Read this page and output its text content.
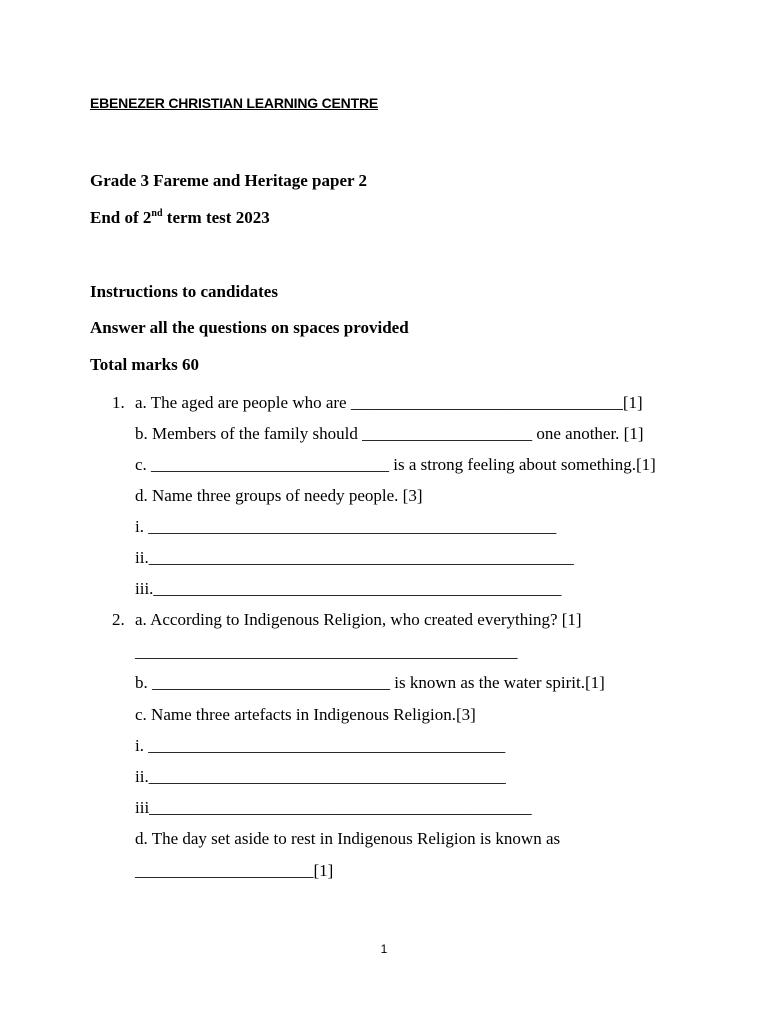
EBENEZER CHRISTIAN LEARNING CENTRE
Grade 3 Fareme and Heritage paper 2
End of 2nd term test 2023
Instructions to candidates
Answer all the questions on spaces provided
Total marks 60
1. a. The aged are people who are ________________________________[1]
b. Members of the family should ____________________ one another. [1]
c. ____________________________ is a strong feeling about something.[1]
d. Name three groups of needy people. [3]
i. ________________________________________________
ii.__________________________________________________
iii.________________________________________________
2. a. According to Indigenous Religion, who created everything? [1]
_____________________________________________
b. ____________________________ is known as the water spirit.[1]
c. Name three artefacts in Indigenous Religion.[3]
i. __________________________________________
ii.__________________________________________
iii_____________________________________________
d. The day set aside to rest in Indigenous Religion is known as
_____________________[1]
1
